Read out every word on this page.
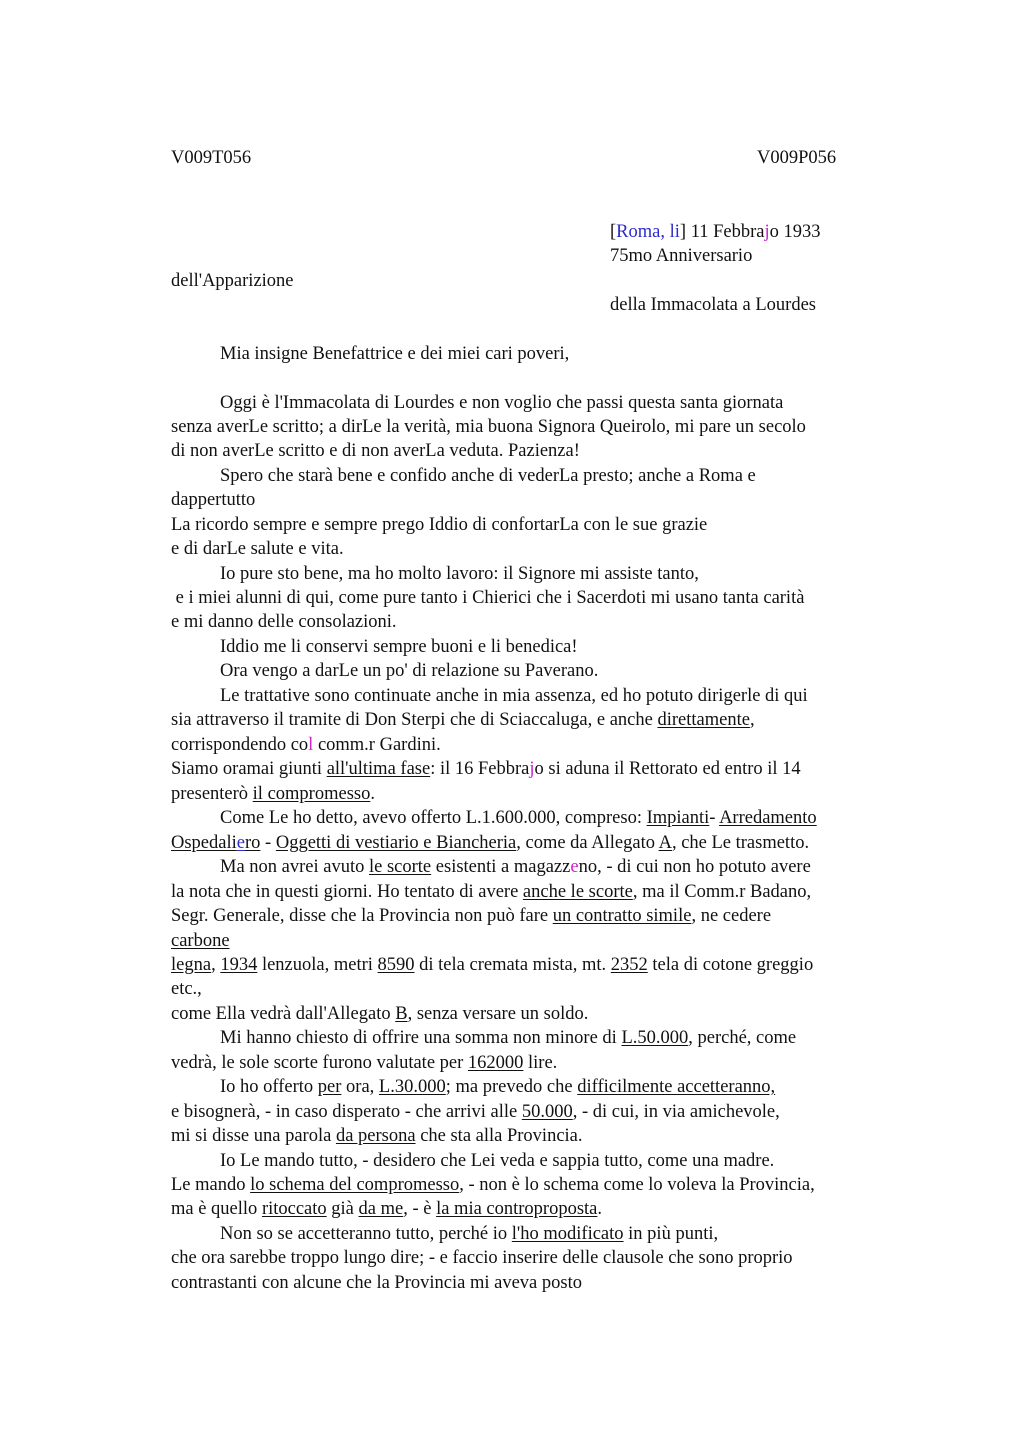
V009T056	V009P056
[Roma, li] 11 Febbrajo 1933
75mo Anniversario
dell'Apparizione
della Immacolata a Lourdes
Mia insigne Benefattrice e dei miei cari poveri,
Oggi è l'Immacolata di Lourdes e non voglio che passi questa santa giornata
senza averLe scritto; a dirLe la verità, mia buona Signora Queirolo, mi pare un secolo
di non averLe scritto e di non averLa veduta. Pazienza!
Spero che starà bene e confido anche di vederLa presto; anche a Roma e
dappertutto
La ricordo sempre e sempre prego Iddio di confortarLa con le sue grazie
e di darLe salute e vita.
Io pure sto bene, ma ho molto lavoro: il Signore mi assiste tanto,
e i miei alunni di qui, come pure tanto i Chierici che i Sacerdoti mi usano tanta carità
e mi danno delle consolazioni.
Iddio me li conservi sempre buoni e li benedica!
Ora vengo a darLe un po' di relazione su Paverano.
Le trattative sono continuate anche in mia assenza, ed ho potuto dirigerle di qui
sia attraverso il tramite di Don Sterpi che di Sciaccaluga, e anche direttamente,
corrispondendo col comm.r Gardini.
Siamo oramai giunti all'ultima fase: il 16 Febbrajo si aduna il Rettorato ed entro il 14
presenterò il compromesso.
Come Le ho detto, avevo offerto L.1.600.000, compreso: Impianti- Arredamento
Ospedaliero - Oggetti di vestiario e Biancheria, come da Allegato A, che Le trasmetto.
Ma non avrei avuto le scorte esistenti a magazzeno, - di cui non ho potuto avere
la nota che in questi giorni. Ho tentato di avere anche le scorte, ma il Comm.r Badano,
Segr. Generale, disse che la Provincia non può fare un contratto simile, ne cedere
carbone
legna, 1934 lenzuola, metri 8590 di tela cremata mista, mt. 2352 tela di cotone greggio
etc.,
come Ella vedrà dall'Allegato B, senza versare un soldo.
Mi hanno chiesto di offrire una somma non minore di L.50.000, perché, come
vedrà, le sole scorte furono valutate per 162000 lire.
Io ho offerto per ora, L.30.000; ma prevedo che difficilmente accetteranno,
e bisognerà, - in caso disperato - che arrivi alle 50.000, - di cui, in via amichevole,
mi si disse una parola da persona che sta alla Provincia.
Io Le mando tutto, - desidero che Lei veda e sappia tutto, come una madre.
Le mando lo schema del compromesso, - non è lo schema come lo voleva la Provincia,
ma è quello ritoccato già da me, - è la mia controproposta.
Non so se accetteranno tutto, perché io l'ho modificato in più punti,
che ora sarebbe troppo lungo dire; - e faccio inserire delle clausole che sono proprio
contrastanti con alcune che la Provincia mi aveva posto
